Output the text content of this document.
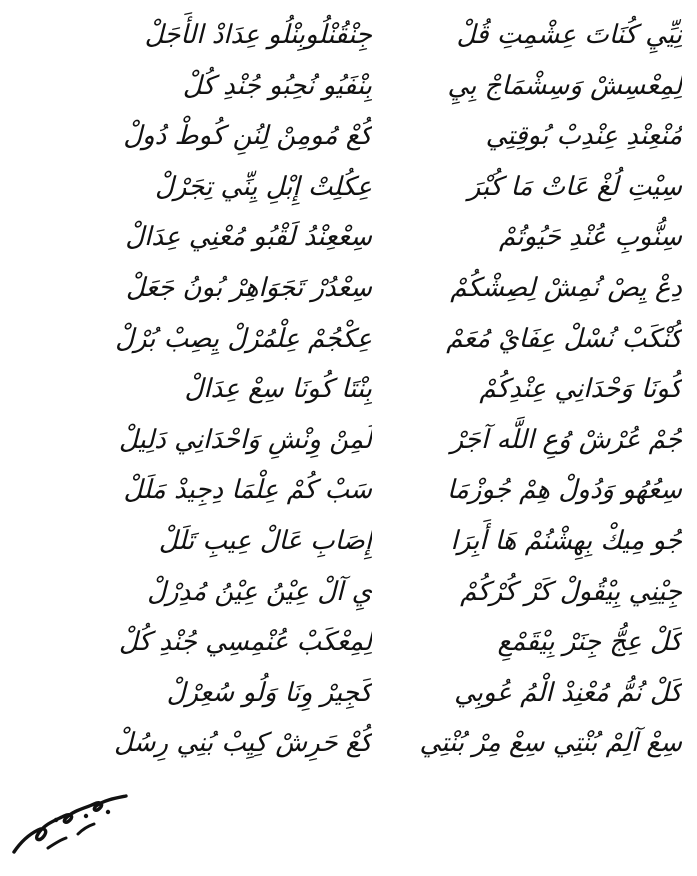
نِيِّيِ كُنَاتَ عِشْمِتِ قُلْ
لِمِعْسِشْ وَسِشْمَاجْ بِيِ
مُنْعِنْدِ عِنْدِبْ بُوقِتِي
سِيْتِ لُغْ عَاتْ مَا كُبْرَ
سِنُّوبِ عُنْدِ حَيُوتُمْ
دِعْ يِصْ نُمِشْ لِصِشْكُمْ
كُنْكَبْ نُسْلْ عِفَايْ مُعَمْ
كُونَا وَحْدَانِي عِنْدِكُمْ
جُمْ عُرْشْ وُعِ اللَّه آجَرْ
سِعُهُو وَدُولْ هِمْ جُوزْمَا
جُو مِيكْ بِهِشْنُمْ هَا أَبِرَا
جِيْنِي بِيْقُولْ كَرْ كُرْكُمْ
كَلْ عِجُّ جِنَرْ بِيْقَمْعِ
كَلْ نُمُّ مُعْنِدْ الْمُ عُوبِي
سِعْ آلِمْ بُنْتِي سِعْ مِرْ بُنْتِي
جِنْقُنْلُوبِنْلُو عِدَادْ الأَجَلْ
بِنْفَيُو نُحِبُو جُنْدِ كُلْ
كُعْ مُومِنْ لِنُنِ كُوطْ دُولْ
عِكُلِتْ إِبْلِ يِنِّي تِجَرْلْ
سِعْعِنْدُ لَقْبُو مُعْنِي عِدَالْ
سِعْدُرْ تَجَوَاهِرْ بُونُ جَعَلْ
عِكْجُمْ عِلْمُرْلْ يِصِبْ بُرْلْ
بِنْتَا كُونَا سِعْ عِدَالْ
لَمِنْ وِنْشِ وَاحْدَانِي دَلِيلْ
سَبْ كُمْ عِلْمَا دِجِيدْ مَلَلْ
إِصَابِ عَالْ عِيبِ تَلَلْ
يِ آلْ عِيْنُ عِيْنُ مُدِرْلْ
لِمِعْكَبْ عُنْمِسِي جُنْدِ كُلْ
كَجِيرْ وِنَا وَلُو سُعِرْلْ
كُعْ حَرِشْ كِيِبْ بُنِي رِسُلْ
